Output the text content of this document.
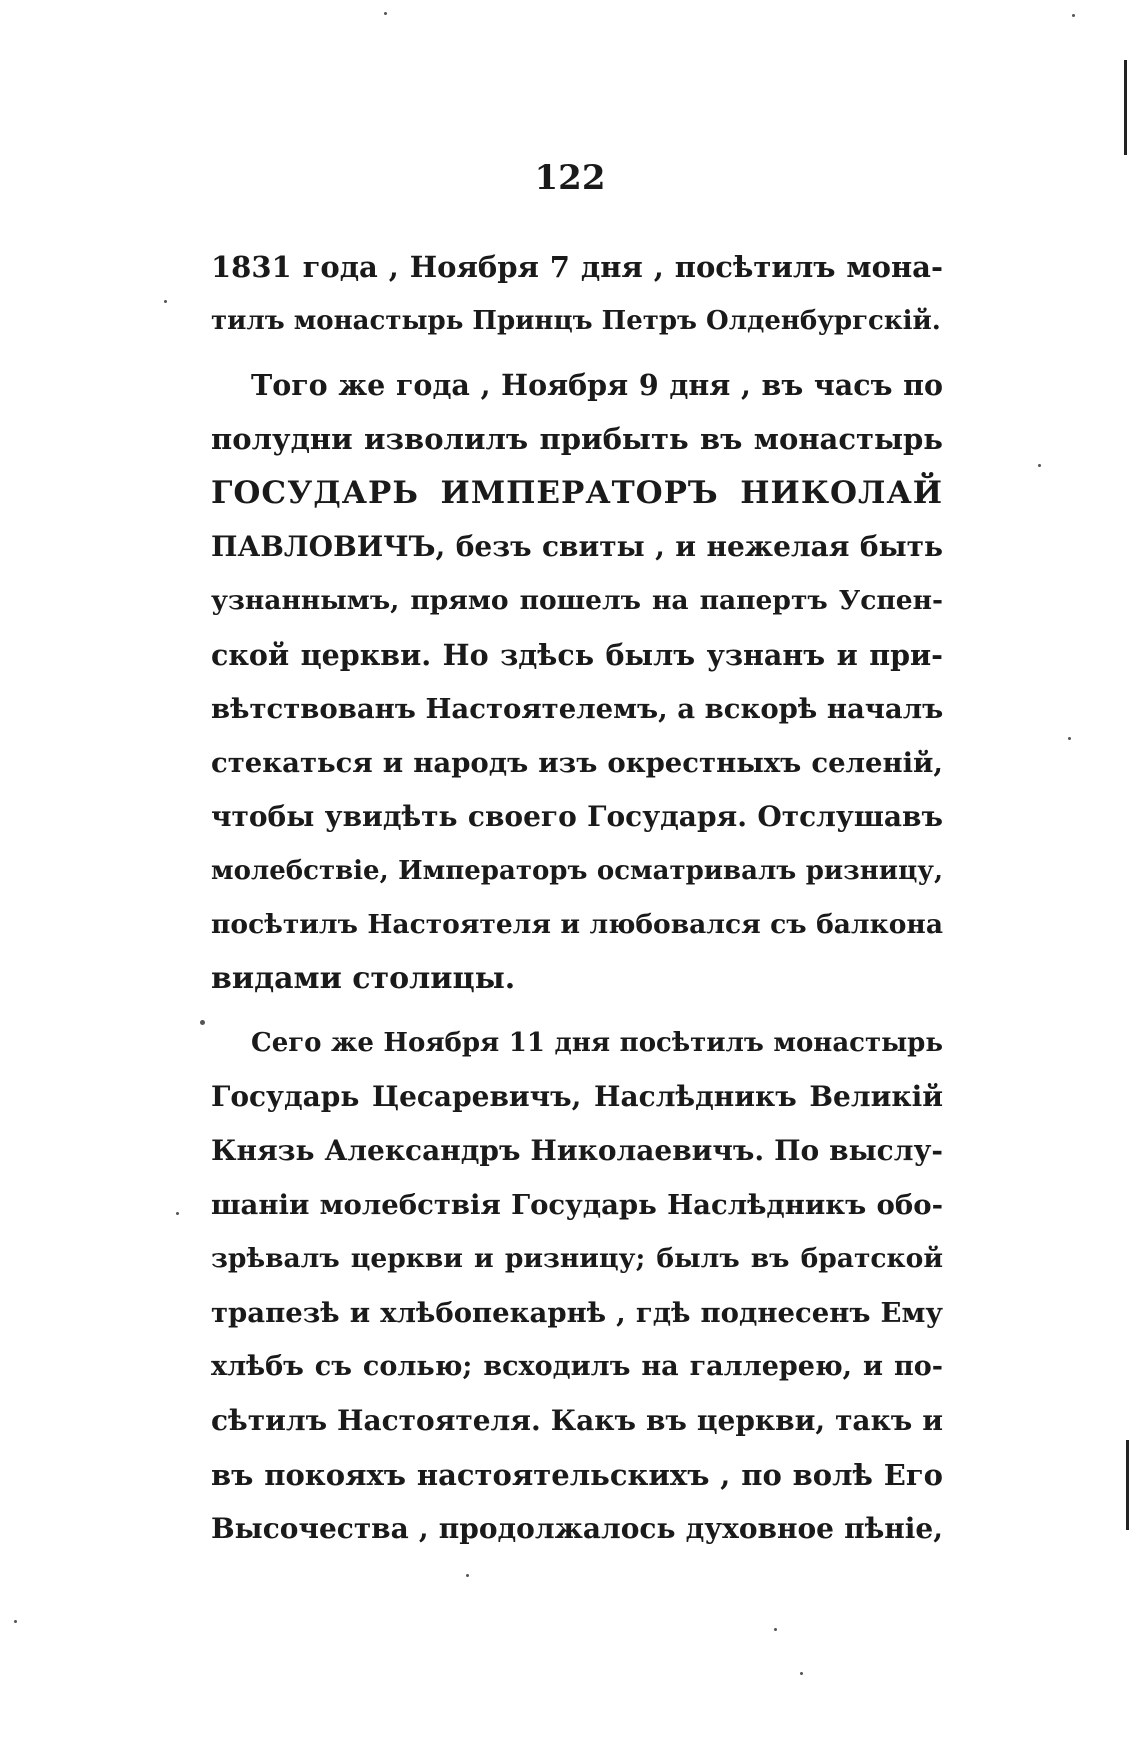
122
1831 года , Ноября 7 дня , посѣтилъ мона-
тилъ монастырь Принцъ Петръ Олденбургскій.
Того же года , Ноября 9 дня , въ часъ по
полудни изволилъ прибыть въ монастырь
ГОСУДАРЬ ИМПЕРАТОРЪ НИКОЛАЙ
ПАВЛОВИЧЪ, безъ свиты , и нежелая быть
узнаннымъ, прямо пошелъ на папертъ Успен-
ской церкви. Но здѣсь былъ узнанъ и при-
вѣтствованъ Настоятелемъ, а вскорѣ началъ
стекаться и народъ изъ окрестныхъ селеній,
чтобы увидѣть своего Государя. Отслушавъ
молебствіе, Императоръ осматривалъ ризницу,
посѣтилъ Настоятеля и любовался съ балкона
видами столицы.
Сего же Ноября 11 дня посѣтилъ монастырь
Государь Цесаревичъ, Наслѣдникъ Великій
Князь Александръ Николаевичъ. По выслу-
шаніи молебствія Государь Наслѣдникъ обо-
зрѣвалъ церкви и ризницу; былъ въ братской
трапезѣ и хлѣбопекарнѣ , гдѣ поднесенъ Ему
хлѣбъ съ солью; всходилъ на галлерею, и по-
сѣтилъ Настоятеля. Какъ въ церкви, такъ и
въ покояхъ настоятельскихъ , по волѣ Его
Высочества , продолжалось духовное пѣніе,
